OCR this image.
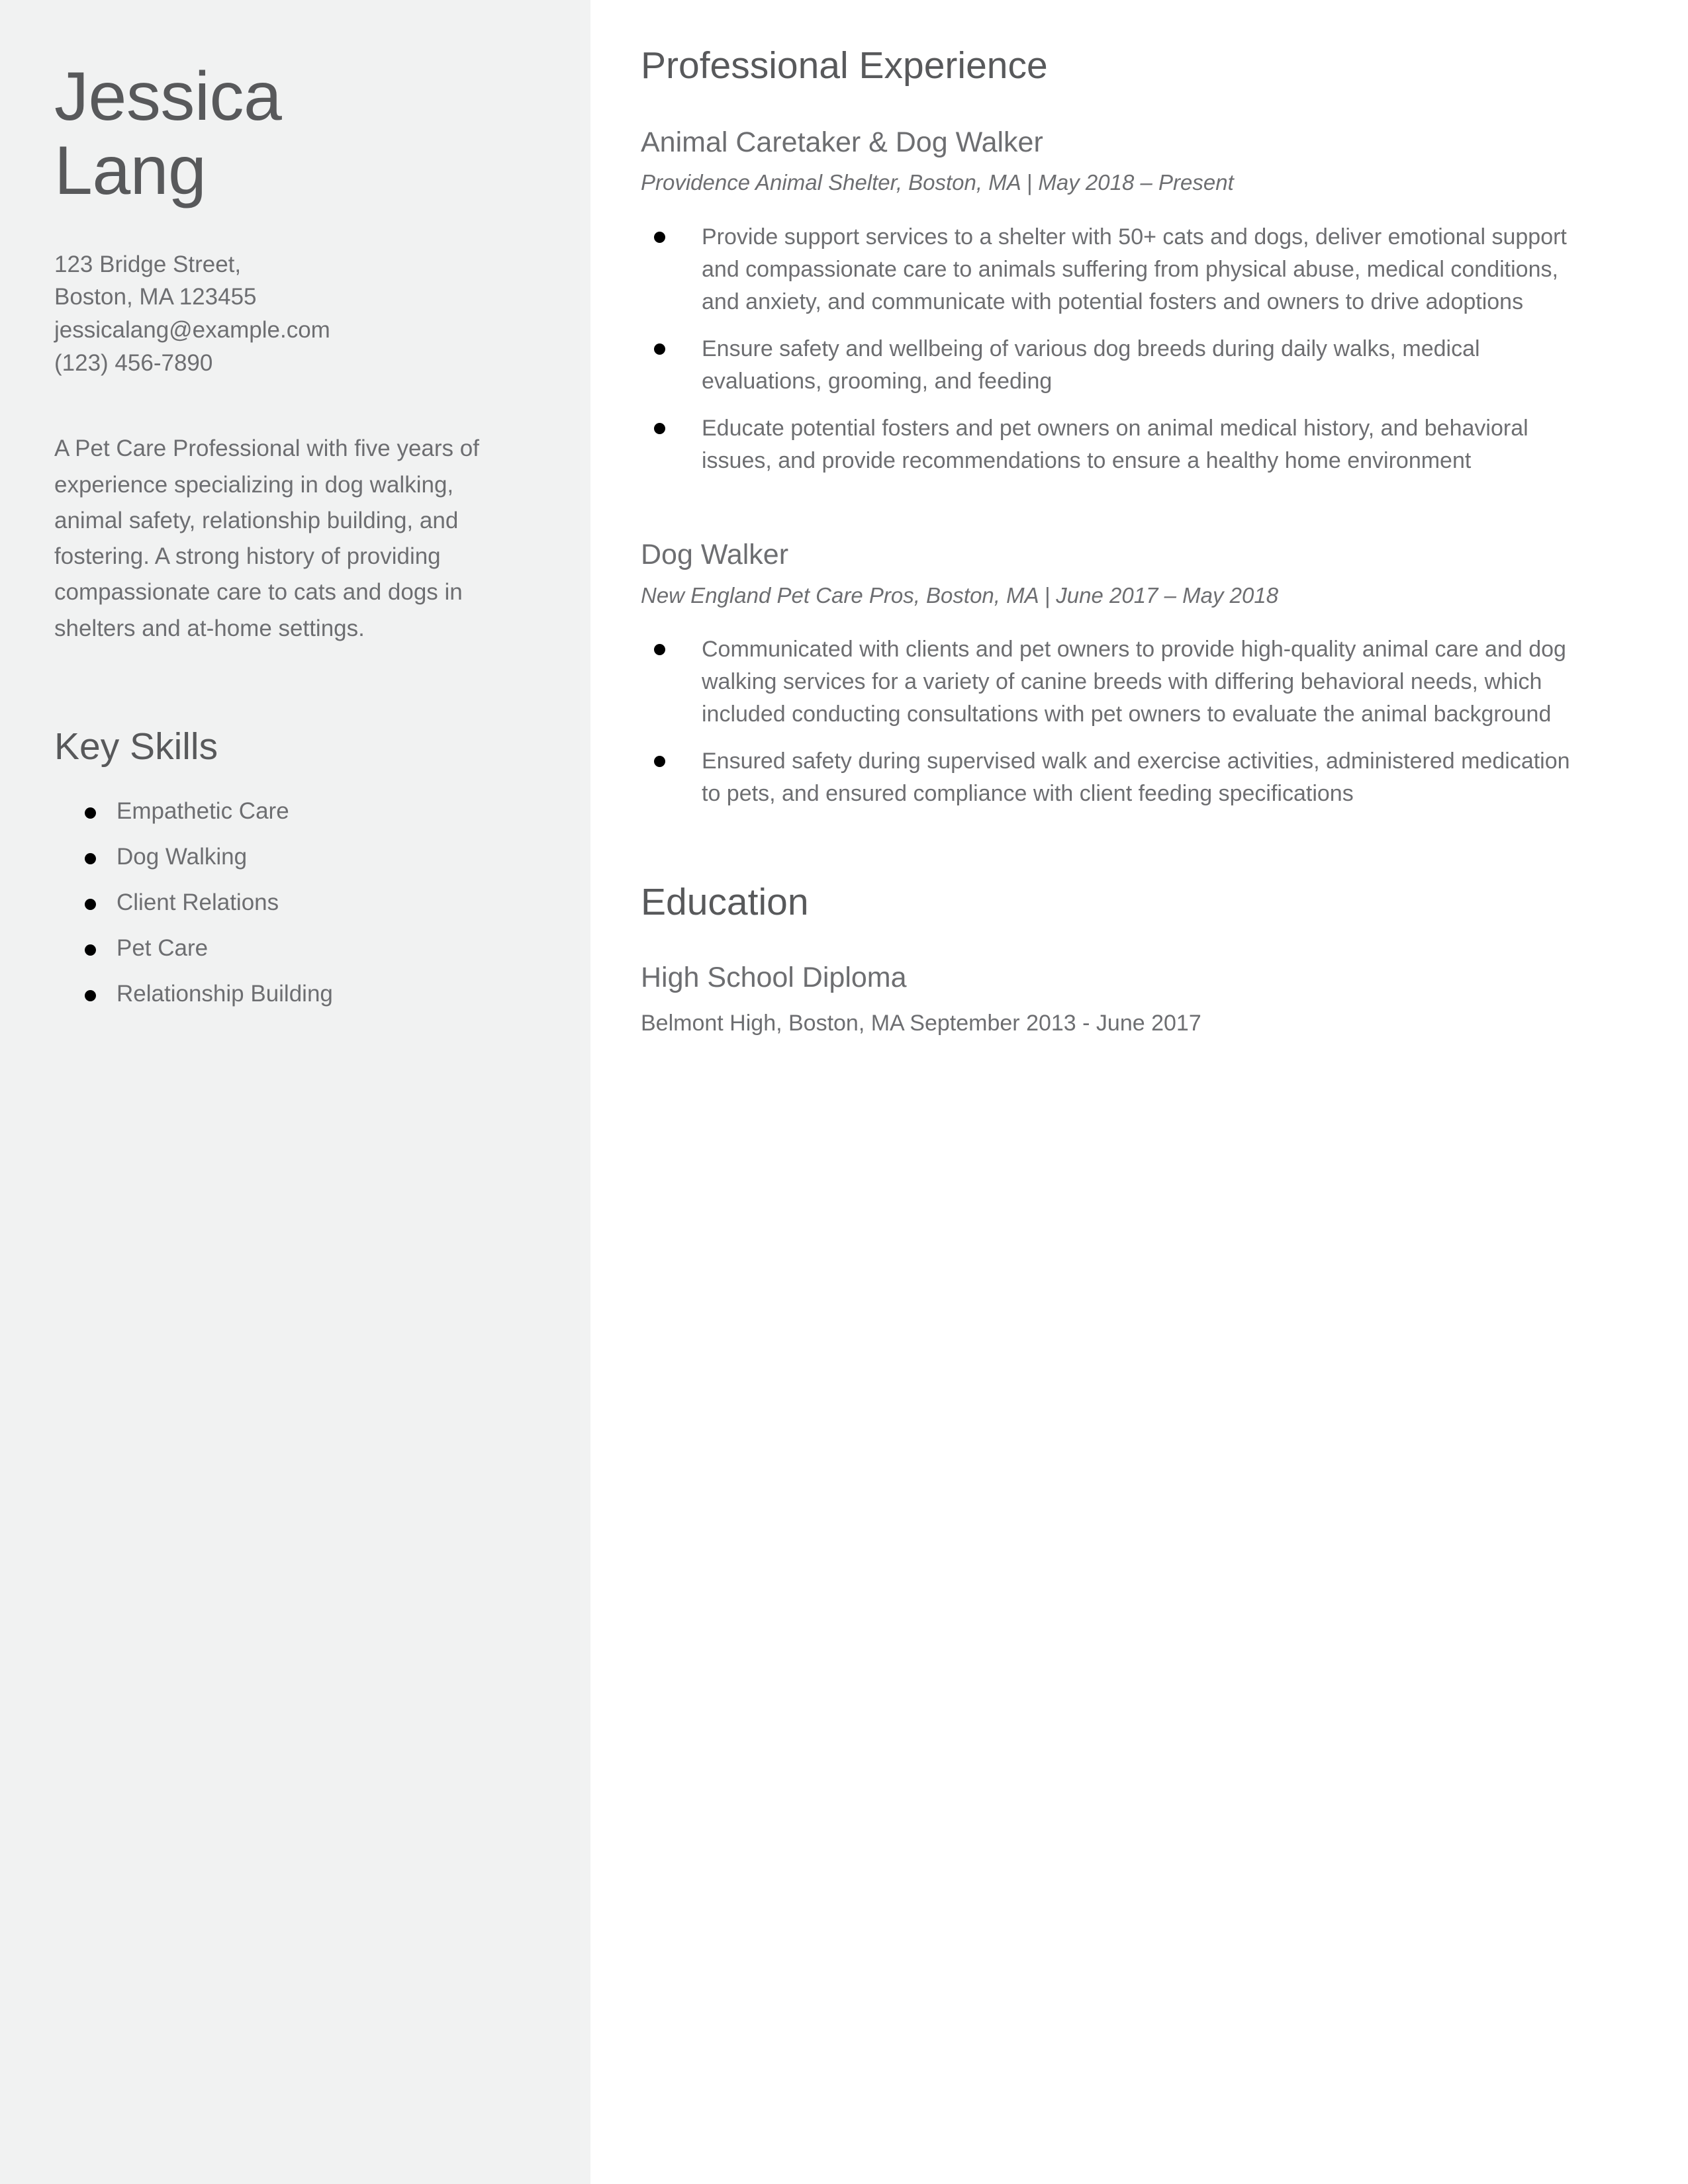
Jessica
Lang
123 Bridge Street,
Boston, MA 123455
jessicalang@example.com
(123) 456-7890
A Pet Care Professional with five years of experience specializing in dog walking, animal safety, relationship building, and fostering. A strong history of providing compassionate care to cats and dogs in shelters and at-home settings.
Key Skills
Empathetic Care
Dog Walking
Client Relations
Pet Care
Relationship Building
Professional Experience
Animal Caretaker & Dog Walker
Providence Animal Shelter, Boston, MA | May 2018 – Present
Provide support services to a shelter with 50+ cats and dogs, deliver emotional support and compassionate care to animals suffering from physical abuse, medical conditions, and anxiety, and communicate with potential fosters and owners to drive adoptions
Ensure safety and wellbeing of various dog breeds during daily walks, medical evaluations, grooming, and feeding
Educate potential fosters and pet owners on animal medical history, and behavioral issues, and provide recommendations to ensure a healthy home environment
Dog Walker
New England Pet Care Pros, Boston, MA | June 2017 – May 2018
Communicated with clients and pet owners to provide high-quality animal care and dog walking services for a variety of canine breeds with differing behavioral needs, which included conducting consultations with pet owners to evaluate the animal background
Ensured safety during supervised walk and exercise activities, administered medication to pets, and ensured compliance with client feeding specifications
Education
High School Diploma
Belmont High, Boston, MA September 2013 - June 2017
